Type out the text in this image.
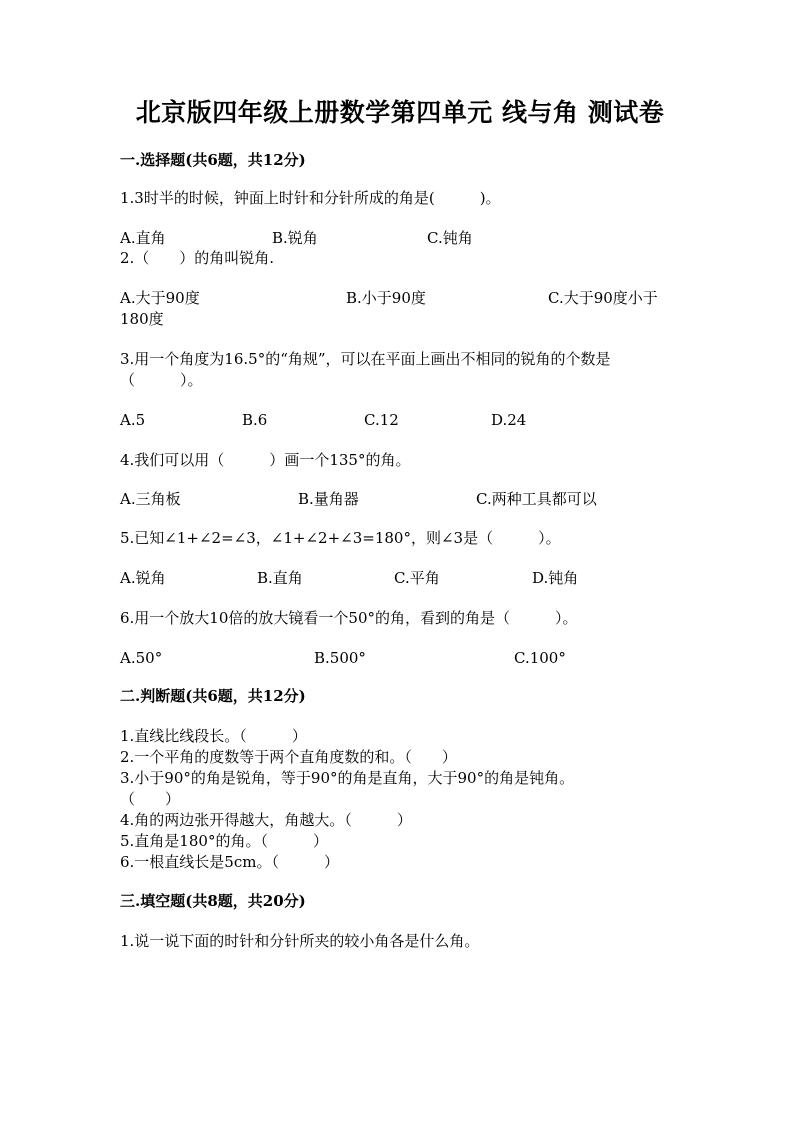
北京版四年级上册数学第四单元 线与角 测试卷
一.选择题(共6题，共12分)
1.3时半的时候，钟面上时针和分针所成的角是(　　　)。
A.直角	B.锐角	C.钝角
2.（　　）的角叫锐角.
A.大于90度	B.小于90度	C.大于90度小于
180度
3.用一个角度为16.5°的“角规”，可以在平面上画出不相同的锐角的个数是
（　　　）。
A.5	B.6	C.12	D.24
4.我们可以用（　　　）画一个135°的角。
A.三角板	B.量角器	C.两种工具都可以
5.已知∠1+∠2=∠3，∠1+∠2+∠3=180°，则∠3是（　　　）。
A.锐角	B.直角	C.平角	D.钝角
6.用一个放大10倍的放大镜看一个50°的角，看到的角是（　　　）。
A.50°	B.500°	C.100°
二.判断题(共6题，共12分)
1.直线比线段长。（　　　）
2.一个平角的度数等于两个直角度数的和。（　　）
3.小于90°的角是锐角，等于90°的角是直角，大于90°的角是钝角。
（　　）
4.角的两边张开得越大，角越大。（　　　）
5.直角是180°的角。（　　　）
6.一根直线长是5cm。（　　　）
三.填空题(共8题，共20分)
1.说一说下面的时针和分针所夹的较小角各是什么角。
